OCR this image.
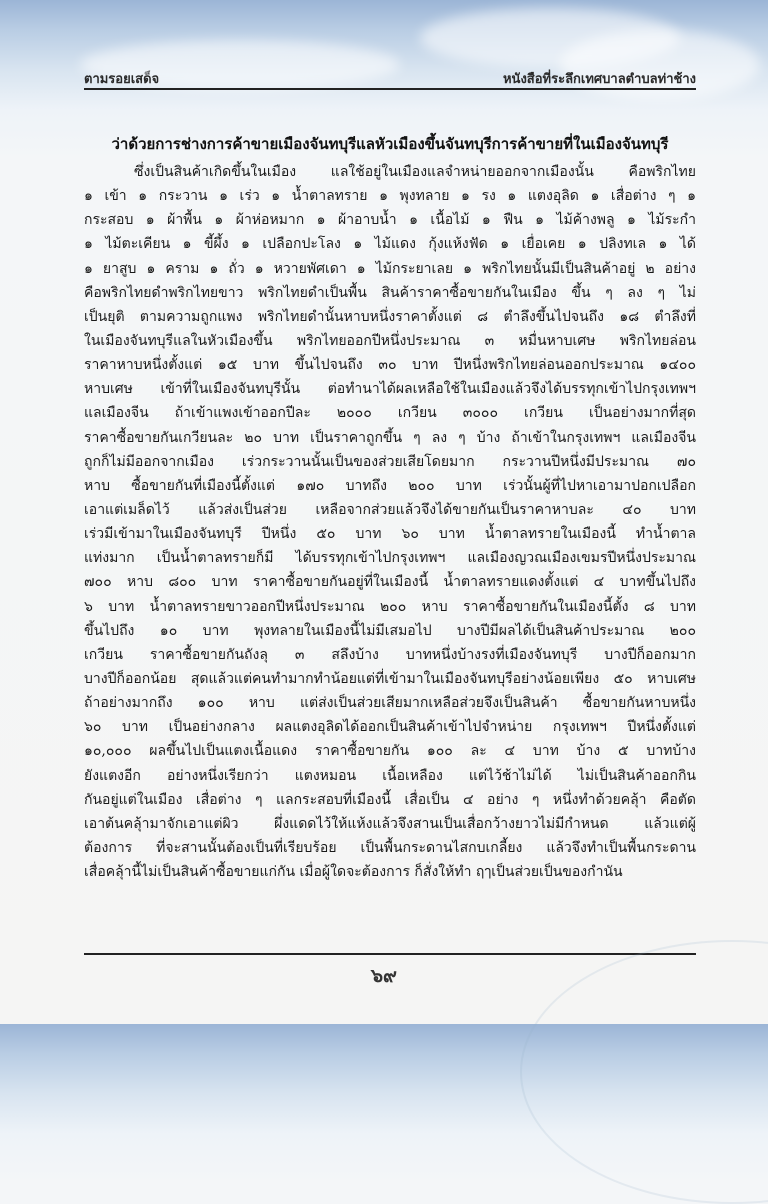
ตามรอยเสด็จ	หนังสือที่ระลึกเทศบาลตำบลท่าช้าง
ว่าด้วยการช่างการค้าขายเมืองจันทบุรีแลหัวเมืองขึ้นจันทบุรีการค้าขายที่ในเมืองจันทบุรี
ซึ่งเป็นสินค้าเกิดขึ้นในเมือง แลใช้อยู่ในเมืองแลจำหน่ายออกจากเมืองนั้น คือพริกไทย
๑ เข้า ๑ กระวาน ๑ เร่ว ๑ น้ำตาลทราย ๑ พุงทลาย ๑ รง ๑ แตงอุลิด ๑ เสื่อต่าง ๆ ๑
กระสอบ ๑ ผ้าพื้น ๑ ผ้าห่อหมาก ๑ ผ้าอาบน้ำ ๑ เนื้อไม้ ๑ ฟืน ๑ ไม้ค้างพลู ๑ ไม้ระกำ
๑ ไม้ตะเคียน ๑ ขี้ผึ้ง ๑ เปลือกปะโลง ๑ ไม้แดง กุ้งแห้งฟัด ๑ เยื่อเคย ๑ ปลิงทเล ๑ ได้
๑ ยาสูบ ๑ คราม ๑ ถั่ว ๑ หวายพัศเดา ๑ ไม้กระยาเลย ๑ พริกไทยนั้นมีเป็นสินค้าอยู่ ๒ อย่าง
คือพริกไทยดำพริกไทยขาว พริกไทยดำเป็นพื้น สินค้าราคาซื้อขายกันในเมือง ขึ้น ๆ ลง ๆ ไม่
เป็นยุติ ตามความถูกแพง พริกไทยดำนั้นหาบหนึ่งราคาตั้งแต่ ๘ ตำลึงขึ้นไปจนถึง ๑๘ ตำลึงที่
ในเมืองจันทบุรีแลในหัวเมืองขึ้น พริกไทยออกปีหนึ่งประมาณ ๓ หมื่นหาบเศษ พริกไทยล่อน
ราคาหาบหนึ่งตั้งแต่ ๑๕ บาท ขึ้นไปจนถึง ๓๐ บาท ปีหนึ่งพริกไทยล่อนออกประมาณ ๑๔๐๐
หาบเศษ เข้าที่ในเมืองจันทบุรีนั้น ต่อทำนาได้ผลเหลือใช้ในเมืองแล้วจึงได้บรรทุกเข้าไปกรุงเทพฯ
แลเมืองจีน ถ้าเข้าแพงเข้าออกปีละ ๒๐๐๐ เกวียน ๓๐๐๐ เกวียน เป็นอย่างมากที่สุด
ราคาซื้อขายกันเกวียนละ ๒๐ บาท เป็นราคาถูกขึ้น ๆ ลง ๆ บ้าง ถ้าเข้าในกรุงเทพฯ แลเมืองจีน
ถูกก็ไม่มีออกจากเมือง เร่วกระวานนั้นเป็นของส่วยเสียโดยมาก กระวานปีหนึ่งมีประมาณ ๗๐
หาบ ซื้อขายกันที่เมืองนี้ตั้งแต่ ๑๗๐ บาทถึง ๒๐๐ บาท เร่วนั้นผู้ที่ไปหาเอามาปอกเปลือก
เอาแต่เมล็ดไว้ แล้วส่งเป็นส่วย เหลือจากส่วยแล้วจึงได้ขายกันเป็นราคาหาบละ ๔๐ บาท
เร่วมีเข้ามาในเมืองจันทบุรี ปีหนึ่ง ๕๐ บาท ๖๐ บาท น้ำตาลทรายในเมืองนี้ ทำน้ำตาล
แท่งมาก เป็นน้ำตาลทรายก็มี ได้บรรทุกเข้าไปกรุงเทพฯ แลเมืองญวณเมืองเขมรปีหนึ่งประมาณ
๗๐๐ หาบ ๘๐๐ บาท ราคาซื้อขายกันอยู่ที่ในเมืองนี้ น้ำตาลทรายแดงตั้งแต่ ๔ บาทขึ้นไปถึง
๖ บาท น้ำตาลทรายขาวออกปีหนึ่งประมาณ ๒๐๐ หาบ ราคาซื้อขายกันในเมืองนี้ตั้ง ๘ บาท
ขึ้นไปถึง ๑๐ บาท พุงทลายในเมืองนี้ไม่มีเสมอไป บางปีมีผลได้เป็นสินค้าประมาณ ๒๐๐
เกวียน ราคาซื้อขายกันถังลุ ๓ สลึงบ้าง บาทหนึ่งบ้างรงที่เมืองจันทบุรี บางปีก็ออกมาก
บางปีก็ออกน้อย สุดแล้วแต่คนทำมากทำน้อยแต่ที่เข้ามาในเมืองจันทบุรีอย่างน้อยเพียง ๕๐ หาบเศษ
ถ้าอย่างมากถึง ๑๐๐ หาบ แต่ส่งเป็นส่วยเสียมากเหลือส่วยจึงเป็นสินค้า ซื้อขายกันหาบหนึ่ง
๖๐ บาท เป็นอย่างกลาง ผลแตงอุลิดได้ออกเป็นสินค้าเข้าไปจำหน่าย กรุงเทพฯ ปีหนึ่งตั้งแต่
๑๐,๐๐๐ ผลขึ้นไปเป็นแตงเนื้อแดง ราคาซื้อขายกัน ๑๐๐ ละ ๔ บาท บ้าง ๕ บาทบ้าง
ยังแตงอีก อย่างหนึ่งเรียกว่า แตงหมอน เนื้อเหลือง แต่ไว้ช้าไม่ได้ ไม่เป็นสินค้าออกกิน
กันอยู่แต่ในเมือง เสื่อต่าง ๆ แลกระสอบที่เมืองนี้ เสื่อเป็น ๔ อย่าง ๆ หนึ่งทำด้วยคลุ้า คือตัด
เอาต้นคลุ้ามาจักเอาแต่ผิว ผึ่งแดดไว้ให้แห้งแล้วจึงสานเป็นเสื่อกว้างยาวไม่มีกำหนด แล้วแต่ผู้
ต้องการ ที่จะสานนั้นต้องเป็นที่เรียบร้อย เป็นพื้นกระดานไสกบเกลี้ยง แล้วจึงทำเป็นพื้นกระดาน
เสื่อคลุ้านี้ไม่เป็นสินค้าซื้อขายแก่กัน เมื่อผู้ใดจะต้องการ ก็สั่งให้ทำ ฤๅเป็นส่วยเป็นของกำนัน
๖๙
